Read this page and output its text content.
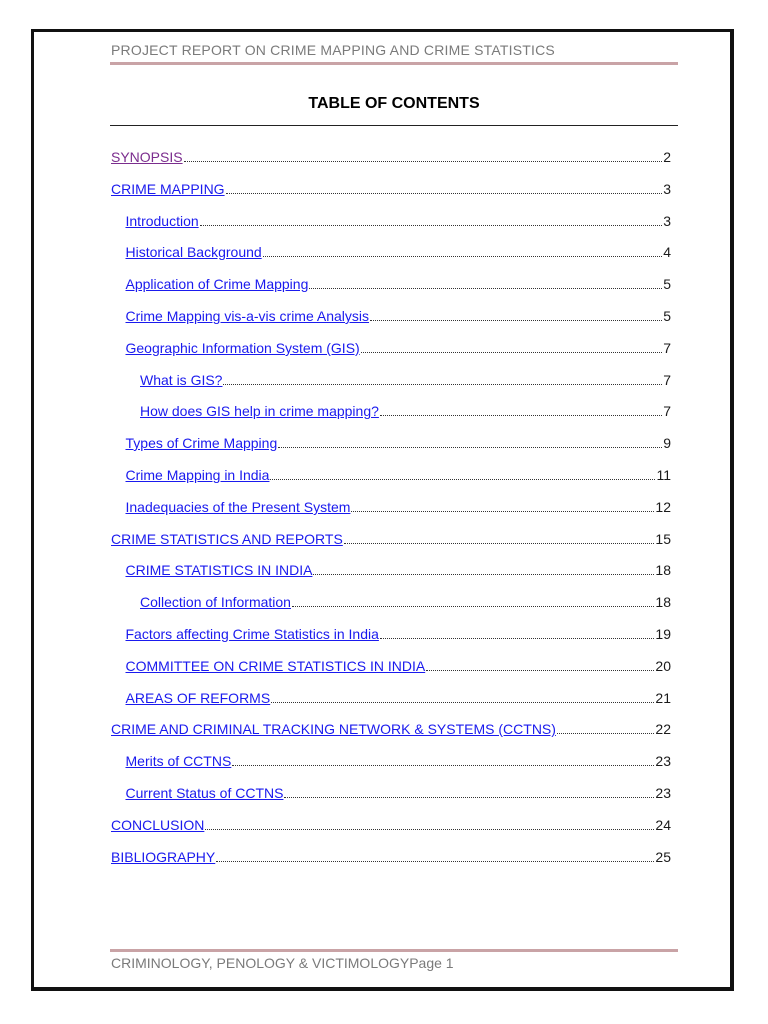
PROJECT REPORT ON CRIME MAPPING AND CRIME STATISTICS
TABLE OF CONTENTS
SYNOPSIS	2
CRIME MAPPING	3
Introduction	3
Historical Background	4
Application of Crime Mapping	5
Crime Mapping vis-a-vis crime Analysis	5
Geographic Information System (GIS)	7
What is GIS?	7
How does GIS help in crime mapping?	7
Types of Crime Mapping	9
Crime Mapping in India	11
Inadequacies of the Present System	12
CRIME STATISTICS AND REPORTS	15
CRIME STATISTICS IN INDIA	18
Collection of Information	18
Factors affecting Crime Statistics in India	19
COMMITTEE ON CRIME STATISTICS IN INDIA	20
AREAS OF REFORMS	21
CRIME AND CRIMINAL TRACKING NETWORK & SYSTEMS (CCTNS)	22
Merits of CCTNS	23
Current Status of CCTNS	23
CONCLUSION	24
BIBLIOGRAPHY	25
CRIMINOLOGY, PENOLOGY & VICTIMOLOGYPage 1
